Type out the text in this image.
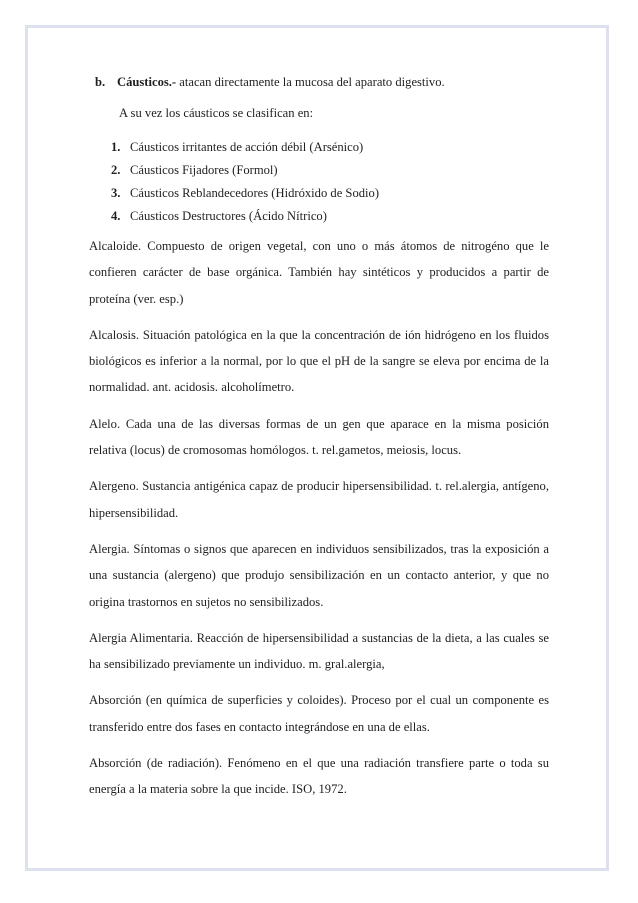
b. Cáusticos.- atacan directamente la mucosa del aparato digestivo.

A su vez los cáusticos se clasifican en:

1. Cáusticos irritantes de acción débil (Arsénico)
2. Cáusticos Fijadores (Formol)
3. Cáusticos Reblandecedores (Hidróxido de Sodio)
4. Cáusticos Destructores (Ácido Nítrico)

Alcaloide. Compuesto de origen vegetal, con uno o más átomos de nitrogéno que le confieren carácter de base orgánica. También hay sintéticos y producidos a partir de proteína (ver. esp.)

Alcalosis. Situación patológica en la que la concentración de ión hidrógeno en los fluidos biológicos es inferior a la normal, por lo que el pH de la sangre se eleva por encima de la normalidad. ant. acidosis. alcoholímetro.

Alelo. Cada una de las diversas formas de un gen que aparace en la misma posición relativa (locus) de cromosomas homólogos. t. rel.gametos, meiosis, locus.

Alergeno. Sustancia antigénica capaz de producir hipersensibilidad. t. rel.alergia, antígeno, hipersensibilidad.

Alergia. Síntomas o signos que aparecen en individuos sensibilizados, tras la exposición a una sustancia (alergeno) que produjo sensibilización en un contacto anterior, y que no origina trastornos en sujetos no sensibilizados.

Alergia Alimentaria. Reacción de hipersensibilidad a sustancias de la dieta, a las cuales se ha sensibilizado previamente un individuo. m. gral.alergia,

Absorción (en química de superficies y coloides). Proceso por el cual un componente es transferido entre dos fases en contacto integrándose en una de ellas.

Absorción (de radiación). Fenómeno en el que una radiación transfiere parte o toda su energía a la materia sobre la que incide. ISO, 1972.
